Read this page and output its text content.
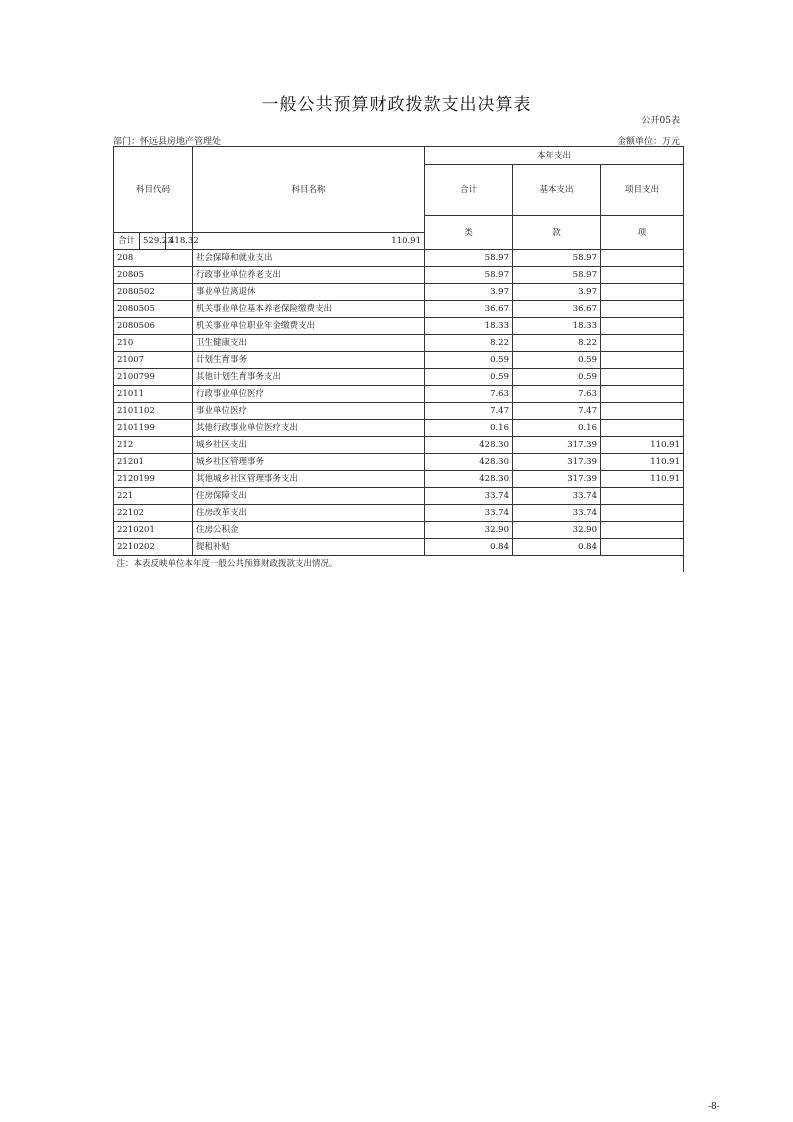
一般公共预算财政拨款支出决算表
公开05表
部门：怀远县房地产管理处	金额单位：万元
科目代码			科目名称	本年支出			
				合计	基本支出	项目支出	
				类	款	项				
合计	529.23	418.32	110.91				
208			社会保障和就业支出	58.97	58.97		
20805			行政事业单位养老支出	58.97	58.97		
2080502			事业单位离退休	3.97	3.97		
2080505			机关事业单位基本养老保险缴费支出	36.67	36.67		
2080506			机关事业单位职业年金缴费支出	18.33	18.33		
210			卫生健康支出	8.22	8.22		
21007			计划生育事务	0.59	0.59		
2100799			其他计划生育事务支出	0.59	0.59		
21011			行政事业单位医疗	7.63	7.63		
2101102			事业单位医疗	7.47	7.47		
2101199			其他行政事业单位医疗支出	0.16	0.16		
212			城乡社区支出	428.30	317.39	110.91	
21201			城乡社区管理事务	428.30	317.39	110.91	
2120199			其他城乡社区管理事务支出	428.30	317.39	110.91	
221			住房保障支出	33.74	33.74		
22102			住房改革支出	33.74	33.74		
2210201			住房公积金	32.90	32.90		
2210202			提租补贴	0.84	0.84		
注：本表反映单位本年度一般公共预算财政拨款支出情况。							
-8-
